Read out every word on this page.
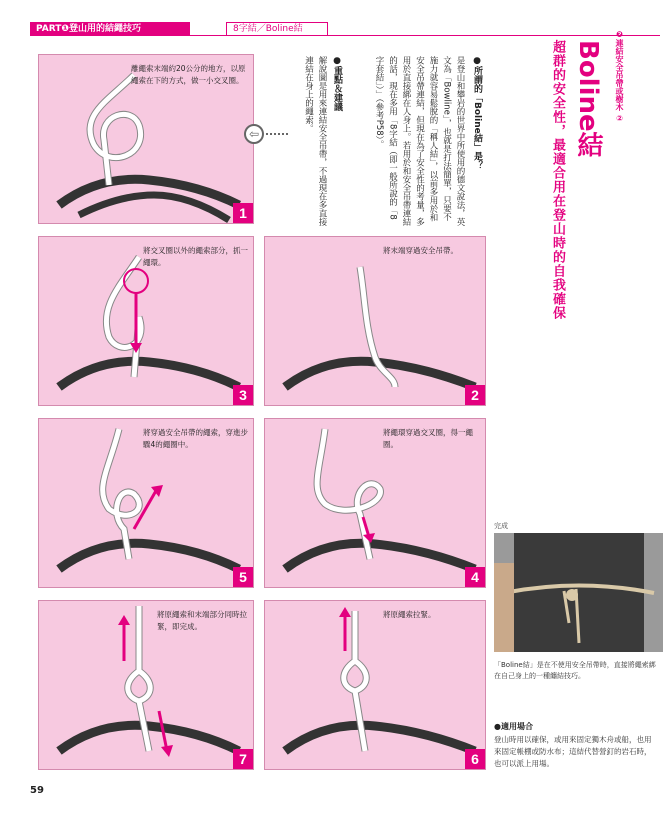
PART❶登山用的結繩技巧	8字結／Boline結
離繩索末端約20公分的地方，以原繩索在下的方式，做一小交叉圈。
1
⇦
將交叉圈以外的繩索部分，抓一繩環。
3
將末端穿過安全吊帶。
2
將穿過安全吊帶的繩索，穿進步驟4的繩圈中。
5
將繩環穿過交叉圈，得一繩圈。
4
將原繩索和末端部分同時拉緊，即完成。
7
將原繩索拉緊。
6
●所謂的「Boline結」是？
是登山和攀岩的世界中所使用的德文說法，英文為「Bowline」，也就是打法簡單，只要不施力就容易鬆脫的「稱人結」，以前多用於和安全吊帶連結，但現在為了安全性的考量，多用於直接綁在人身上。若用於和安全吊帶連結的話，現在多用「8字結（即一般所說的「8字套結」）」（參考P58）。
●重點＆建議
解說圖是用來連結安全吊帶，不過現在多直接連結在身上的繩索。	❷連結安全吊帶或樹木 ②
Boline結
超群的安全性，最適合用在登山時的自我確保
完成
「Boline結」是在不使用安全吊帶時，直接將繩索綁在自己身上的一種纏結技巧。
●適用場合
登山時用以確保，或用來固定獨木舟或船，也用來固定帳棚或防水布；這結代替營釘的岩石時，也可以派上用場。
59
